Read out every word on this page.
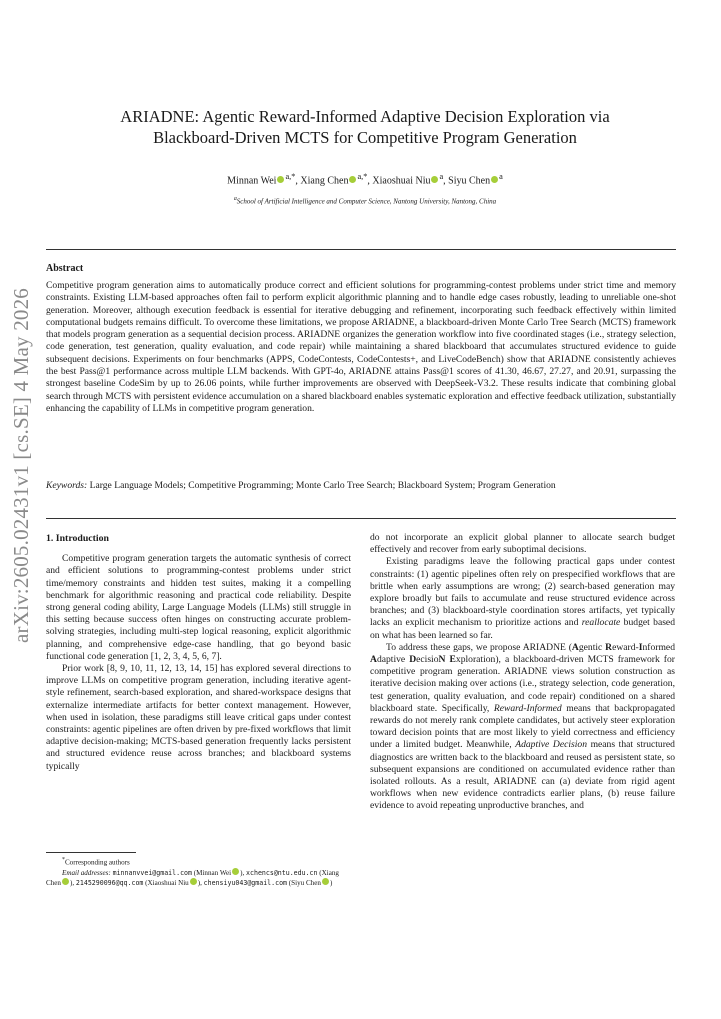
arXiv:2605.02431v1 [cs.SE] 4 May 2026
ARIADNE: Agentic Reward-Informed Adaptive Decision Exploration via
Blackboard-Driven MCTS for Competitive Program Generation
Minnan Wei $^{a,*}$, Xiang Chen $^{a,*}$, Xiaoshuai Niu $^a$, Siyu Chen $^a$
$^a$School of Artificial Intelligence and Computer Science, Nantong University, Nantong, China
Abstract

Competitive program generation aims to automatically produce correct and efficient solutions for programming-contest problems under strict time and memory constraints. Existing LLM-based approaches often fail to perform explicit algorithmic planning and to handle edge cases robustly, leading to unreliable one-shot generation. Moreover, although execution feedback is essential for iterative debugging and refinement, incorporating such feedback effectively within limited computational budgets remains difficult. To overcome these limitations, we propose ARIADNE, a blackboard-driven Monte Carlo Tree Search (MCTS) framework that models program generation as a sequential decision process. ARIADNE organizes the generation workflow into five coordinated stages (i.e., strategy selection, code generation, test generation, quality evaluation, and code repair) while maintaining a shared blackboard that accumulates structured evidence to guide subsequent decisions. Experiments on four benchmarks (APPS, CodeContests, CodeContests+, and LiveCodeBench) show that ARIADNE consistently achieves the best Pass@1 performance across multiple LLM backends. With GPT-4o, ARIADNE attains Pass@1 scores of 41.30, 46.67, 27.27, and 20.91, surpassing the strongest baseline CodeSim by up to 26.06 points, while further improvements are observed with DeepSeek-V3.2. These results indicate that combining global search through MCTS with persistent evidence accumulation on a shared blackboard enables systematic exploration and effective feedback utilization, substantially enhancing the capability of LLMs in competitive program generation.

Keywords: Large Language Models; Competitive Programming; Monte Carlo Tree Search; Blackboard System; Program Generation
1. Introduction

Competitive program generation targets the automatic synthesis of correct and efficient solutions to programming-contest problems under strict time/memory constraints and hidden test suites, making it a compelling benchmark for algorithmic reasoning and practical code reliability. Despite strong general coding ability, Large Language Models (LLMs) still struggle in this setting because success often hinges on constructing accurate problem-solving strategies, including multi-step logical reasoning, explicit algorithmic planning, and comprehensive edge-case handling, that go beyond basic functional code generation [1, 2, 3, 4, 5, 6, 7].

Prior work [8, 9, 10, 11, 12, 13, 14, 15] has explored several directions to improve LLMs on competitive program generation, including iterative agent-style refinement, search-based exploration, and shared-workspace designs that externalize intermediate artifacts for better context management. However, when used in isolation, these paradigms still leave critical gaps under contest constraints: agentic pipelines are often driven by pre-fixed workflows that limit adaptive decision-making; MCTS-based generation frequently lacks persistent and structured evidence reuse across branches; and blackboard systems typically

do not incorporate an explicit global planner to allocate search budget effectively and recover from early suboptimal decisions.

Existing paradigms leave the following practical gaps under contest constraints: (1) agentic pipelines often rely on prespecified workflows that are brittle when early assumptions are wrong; (2) search-based generation may explore broadly but fails to accumulate and reuse structured evidence across branches; and (3) blackboard-style coordination stores artifacts, yet typically lacks an explicit mechanism to prioritize actions and reallocate budget based on what has been learned so far.

To address these gaps, we propose ARIADNE (Agentic Reward-Informed Adaptive DecisioN Exploration), a blackboard-driven MCTS framework for competitive program generation. ARIADNE views solution construction as iterative decision making over actions (i.e., strategy selection, code generation, test generation, quality evaluation, and code repair) conditioned on a shared blackboard state. Specifically, Reward-Informed means that backpropagated rewards do not merely rank complete candidates, but actively steer exploration toward decision points that are most likely to yield correctness and efficiency under a limited budget. Meanwhile, Adaptive Decision means that structured diagnostics are written back to the blackboard and reused as persistent state, so subsequent expansions are conditioned on accumulated evidence rather than isolated rollouts. As a result, ARIADNE can (a) deviate from rigid agent workflows when new evidence contradicts earlier plans, (b) reuse failure evidence to avoid repeating unproductive branches, and

*Corresponding authors

Email addresses: minnanvvei@gmail.com (Minnan Wei ), xchencs@ntu.edu.cn (Xiang Chen ), 2145290096@qq.com (Xiaoshuai Niu ), chensiyu043@gmail.com (Siyu Chen )
